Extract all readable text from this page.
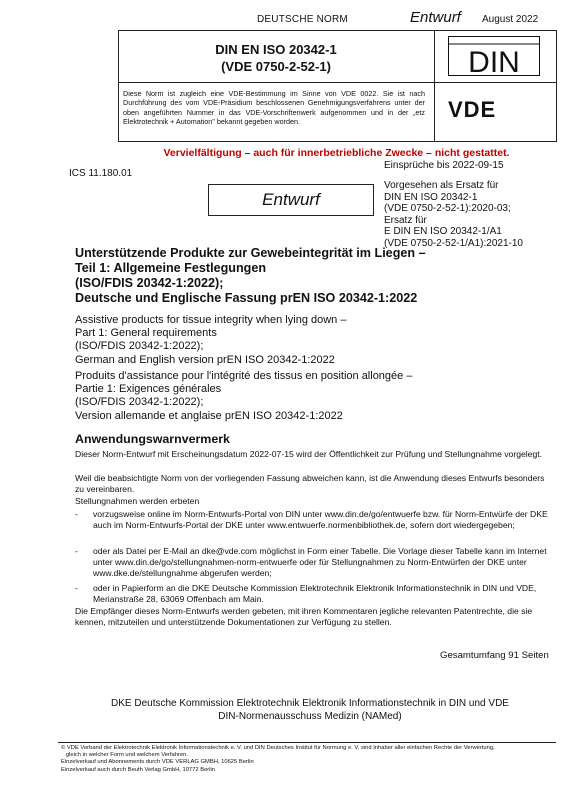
DEUTSCHE NORM	Entwurf August 2022
DIN EN ISO 20342-1
(VDE 0750-2-52-1)	DIN
Diese Norm ist zugleich eine VDE-Bestimmung im Sinne von VDE 0022. Sie ist nach Durchführung des vom VDE-Präsidium beschlossenen Genehmigungsverfahrens unter der oben angeführten Nummer in das VDE-Vorschriftenwerk aufgenommen und in der „etz Elektrotechnik + Automation" bekannt gegeben worden.	VDE
Vervielfältigung – auch für innerbetriebliche Zwecke – nicht gestattet.
Einsprüche bis 2022-09-15
ICS 11.180.01
Entwurf
Vorgesehen als Ersatz für
DIN EN ISO 20342-1
(VDE 0750-2-52-1):2020-03;
Ersatz für
E DIN EN ISO 20342-1/A1
(VDE 0750-2-52-1/A1):2021-10
Unterstützende Produkte zur Gewebeintegrität im Liegen –
Teil 1: Allgemeine Festlegungen
(ISO/FDIS 20342-1:2022);
Deutsche und Englische Fassung prEN ISO 20342-1:2022
Assistive products for tissue integrity when lying down –
Part 1: General requirements
(ISO/FDIS 20342-1:2022);
German and English version prEN ISO 20342-1:2022
Produits d'assistance pour l'intégrité des tissus en position allongée –
Partie 1: Exigences générales
(ISO/FDIS 20342-1:2022);
Version allemande et anglaise prEN ISO 20342-1:2022
Anwendungswarnvermerk
Dieser Norm-Entwurf mit Erscheinungsdatum 2022-07-15 wird der Öffentlichkeit zur Prüfung und Stellungnahme vorgelegt.
Weil die beabsichtigte Norm von der vorliegenden Fassung abweichen kann, ist die Anwendung dieses Entwurfs besonders zu vereinbaren.
Stellungnahmen werden erbeten
- vorzugsweise online im Norm-Entwurfs-Portal von DIN unter www.din.de/go/entwuerfe bzw. für Norm-Entwürfe der DKE auch im Norm-Entwurfs-Portal der DKE unter www.entwuerfe.normenbibliothek.de, sofern dort wiedergegeben;
- oder als Datei per E-Mail an dke@vde.com möglichst in Form einer Tabelle. Die Vorlage dieser Tabelle kann im Internet unter www.din.de/go/stellungnahmen-norm-entwuerfe oder für Stellungnahmen zu Norm-Entwürfen der DKE unter www.dke.de/stellungnahme abgerufen werden;
- oder in Papierform an die DKE Deutsche Kommission Elektrotechnik Elektronik Informationstechnik in DIN und VDE, Merianstraße 28, 63069 Offenbach am Main.
Die Empfänger dieses Norm-Entwurfs werden gebeten, mit ihren Kommentaren jegliche relevanten Patentrechte, die sie kennen, mitzuteilen und unterstützende Dokumentationen zur Verfügung zu stellen.
Gesamtumfang 91 Seiten
DKE Deutsche Kommission Elektrotechnik Elektronik Informationstechnik in DIN und VDE
DIN-Normenausschuss Medizin (NAMed)
© VDE Verband der Elektrotechnik Elektronik Informationstechnik e. V. und DIN Deutsches Institut für Normung e. V. sind Inhaber aller einfachen Rechte der Verwertung,
gleich in welcher Form und welchem Verfahren.
Einzelverkauf und Abonnements durch VDE VERLAG GMBH, 10625 Berlin
Einzelverkauf auch durch Beuth Verlag GmbH, 10772 Berlin
